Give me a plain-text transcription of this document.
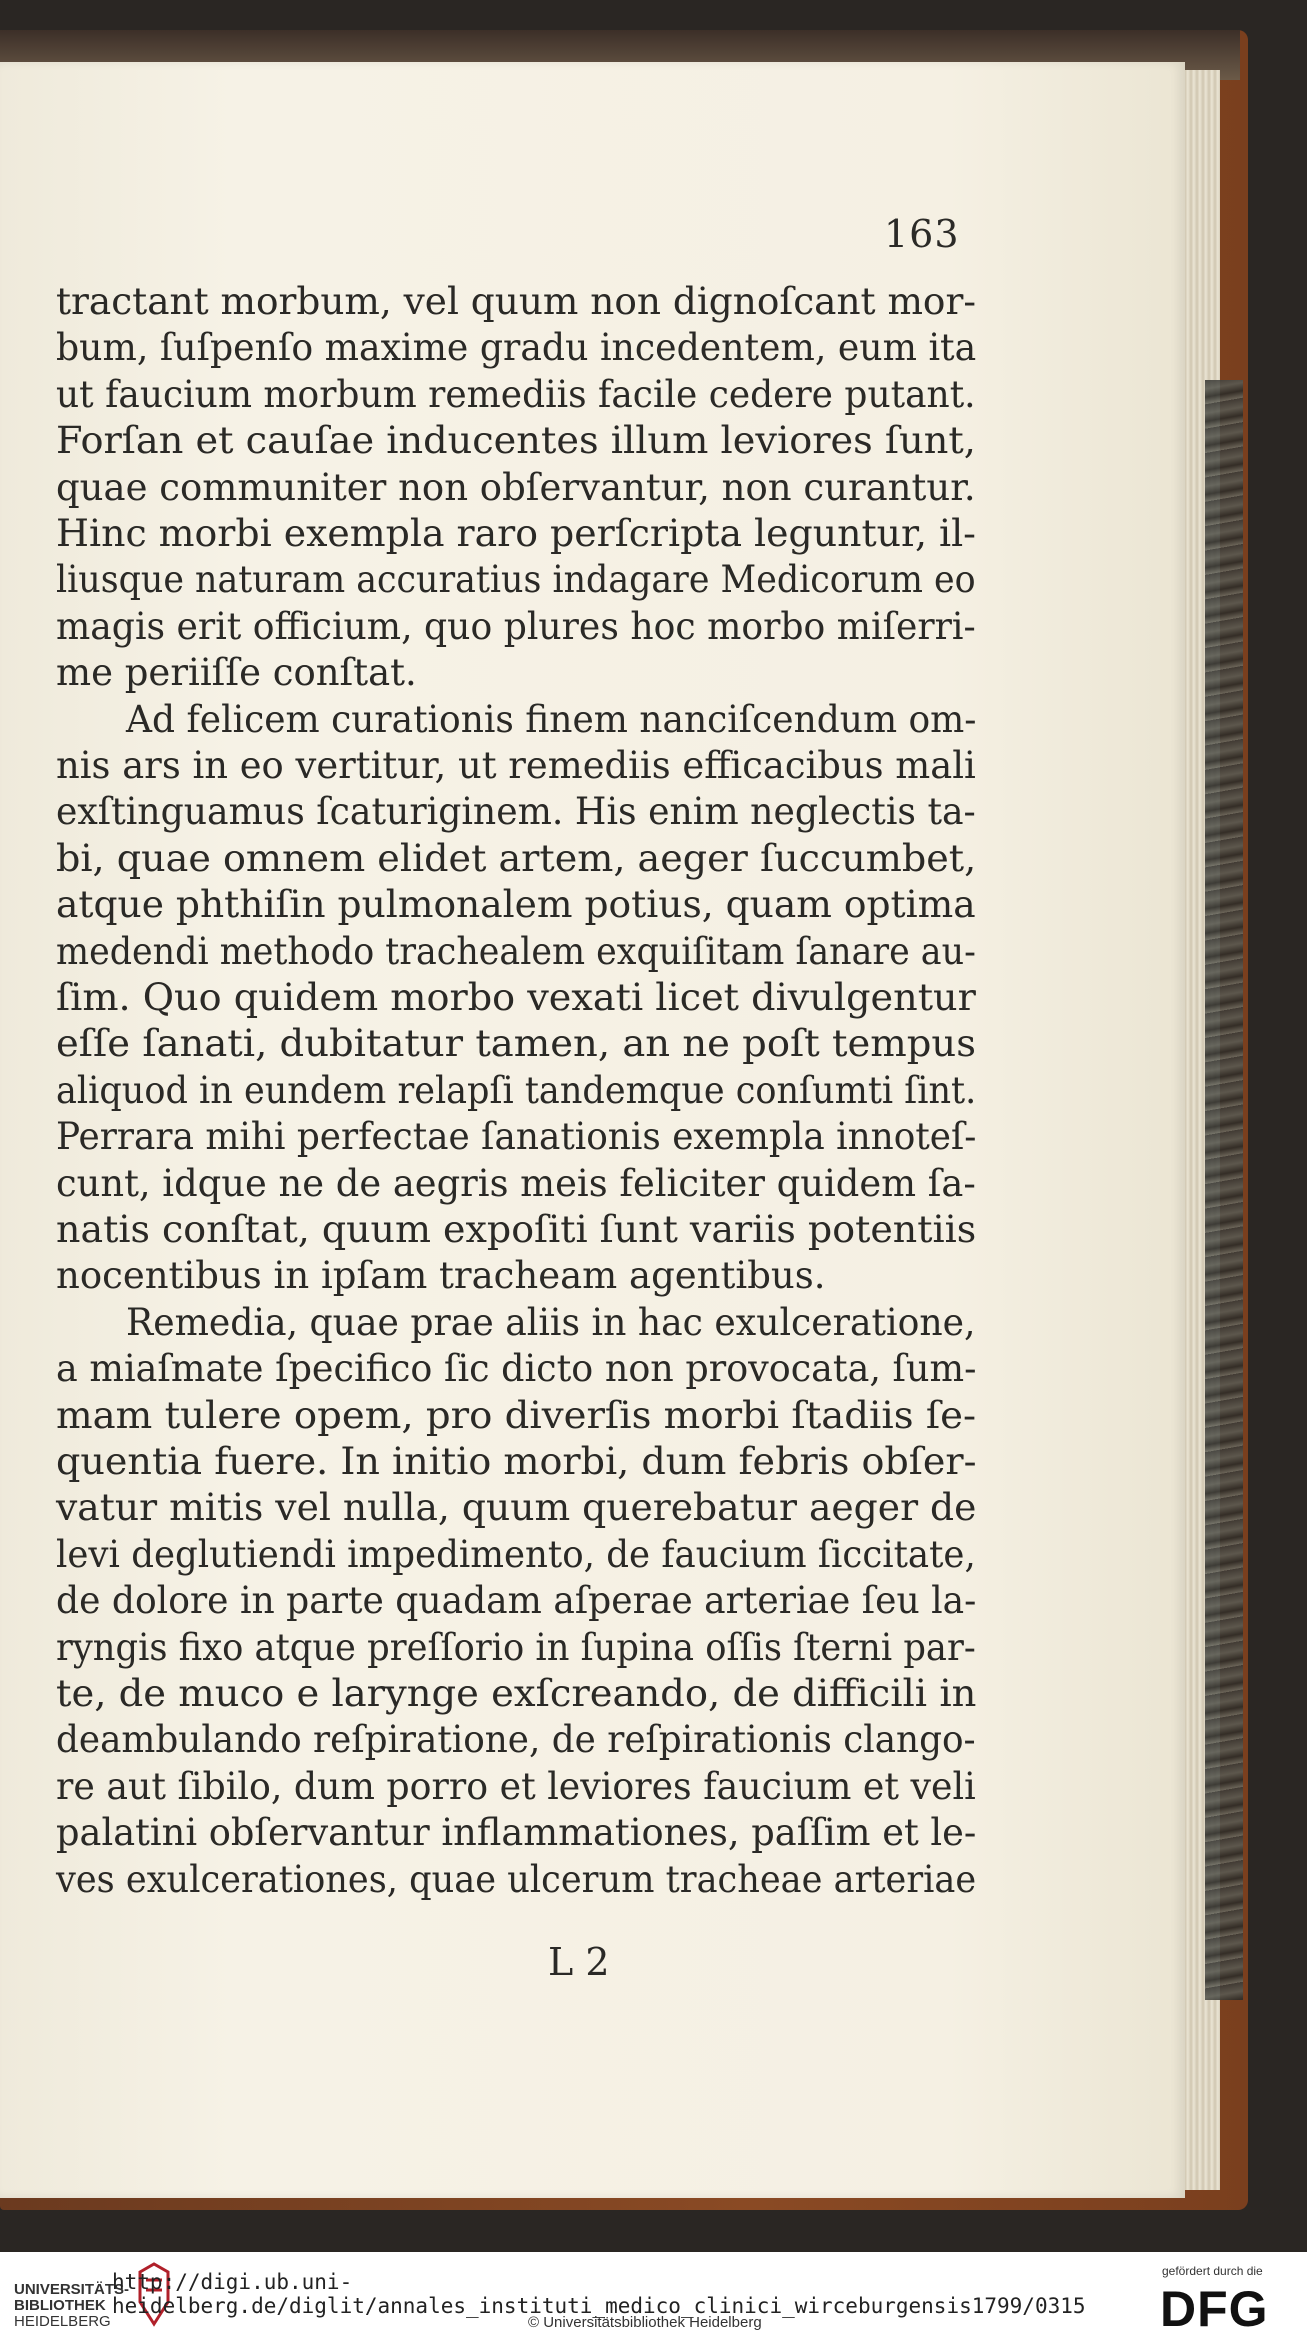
163
tractant morbum, vel quum non dignoſcant mor-
bum, ſuſpenſo maxime gradu incedentem, eum ita
ut faucium morbum remediis facile cedere putant.
Forſan et cauſae inducentes illum leviores ſunt,
quae communiter non obſervantur, non curantur.
Hinc morbi exempla raro perſcripta leguntur, il-
liusque naturam accuratius indagare Medicorum eo
magis erit officium, quo plures hoc morbo miſerri-
me periiſſe conſtat.
Ad felicem curationis finem nanciſcendum om-
nis ars in eo vertitur, ut remediis efficacibus mali
exſtinguamus ſcaturiginem. His enim neglectis ta-
bi, quae omnem elidet artem, aeger ſuccumbet,
atque phthiſin pulmonalem potius, quam optima
medendi methodo trachealem exquiſitam ſanare au-
ſim. Quo quidem morbo vexati licet divulgentur
eſſe ſanati, dubitatur tamen, an ne poſt tempus
aliquod in eundem relapſi tandemque conſumti ſint.
Perrara mihi perfectae ſanationis exempla innoteſ-
cunt, idque ne de aegris meis feliciter quidem ſa-
natis conſtat, quum expoſiti ſunt variis potentiis
nocentibus in ipſam tracheam agentibus.
Remedia, quae prae aliis in hac exulceratione,
a miaſmate ſpecifico ſic dicto non provocata, ſum-
mam tulere opem, pro diverſis morbi ſtadiis ſe-
quentia fuere. In initio morbi, dum febris obſer-
vatur mitis vel nulla, quum querebatur aeger de
levi deglutiendi impedimento, de faucium ſiccitate,
de dolore in parte quadam aſperae arteriae ſeu la-
ryngis fixo atque preſſorio in ſupina oſſis ſterni par-
te, de muco e larynge exſcreando, de difficili in
deambulando reſpiratione, de reſpirationis clango-
re aut ſibilo, dum porro et leviores faucium et veli
palatini obſervantur inflammationes, paſſim et le-
ves exulcerationes, quae ulcerum tracheae arteriae
L 2
UNIVERSITÄTS-
BIBLIOTHEK
HEIDELBERG
http://digi.ub.uni-heidelberg.de/diglit/annales_instituti_medico_clinici_wirceburgensis1799/0315
© Universitätsbibliothek Heidelberg
gefördert durch die
DFG
